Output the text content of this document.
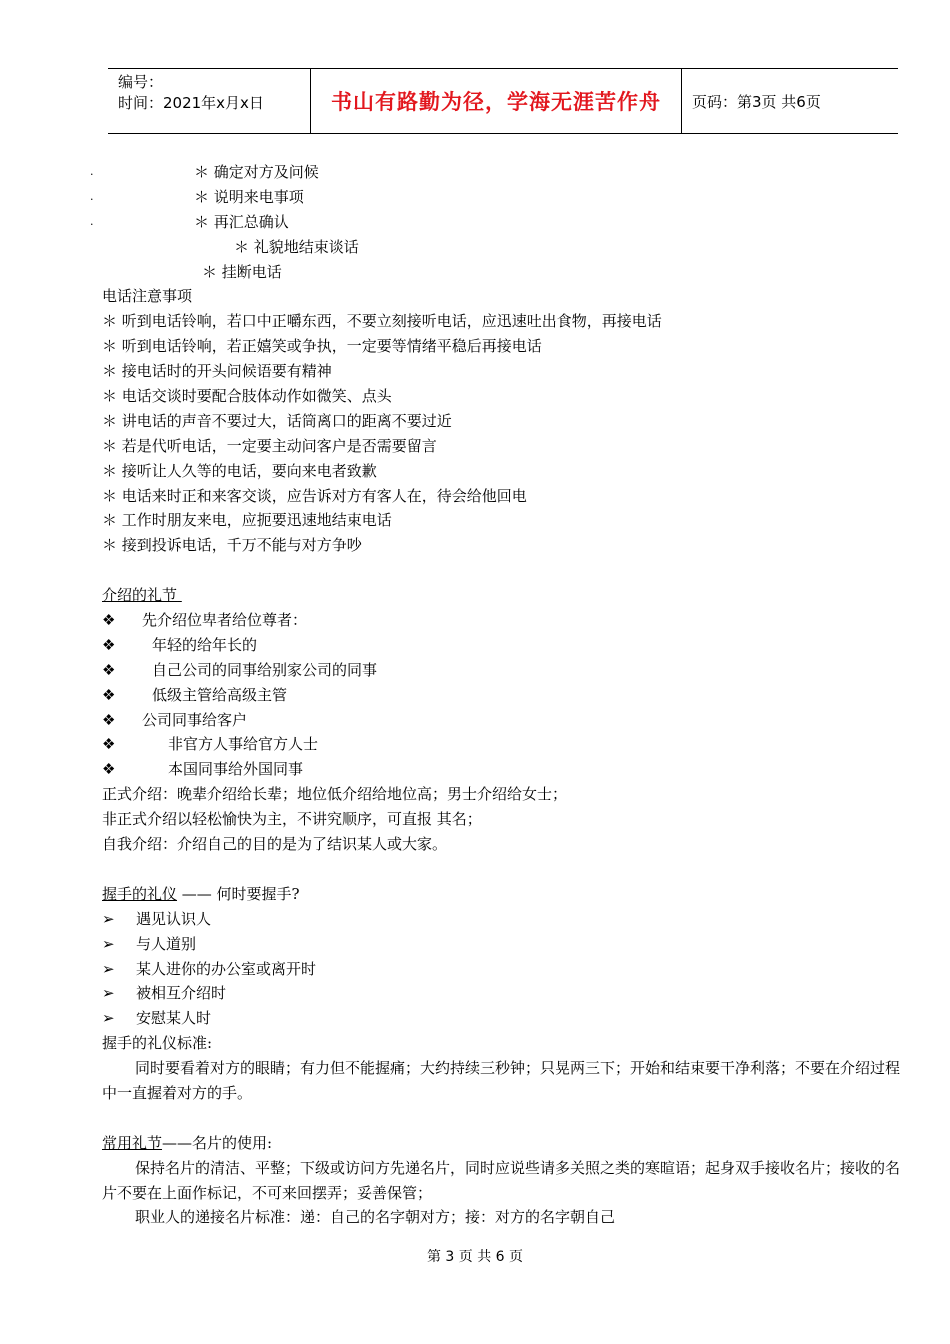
编号：
时间：2021年x月x日	书山有路勤为径，学海无涯苦作舟 页码：第3页 共6页
.	＊ 确定对方及问候
.	＊ 说明来电事项
.	＊ 再汇总确认
＊ 礼貌地结束谈话
＊ 挂断电话
电话注意事项
＊ 听到电话铃响，若口中正嚼东西，不要立刻接听电话，应迅速吐出食物，再接电话
＊ 听到电话铃响，若正嬉笑或争执，一定要等情绪平稳后再接电话
＊ 接电话时的开头问候语要有精神
＊ 电话交谈时要配合肢体动作如微笑、点头
＊ 讲电话的声音不要过大，话筒离口的距离不要过近
＊ 若是代听电话，一定要主动问客户是否需要留言
＊ 接听让人久等的电话，要向来电者致歉
＊ 电话来时正和来客交谈，应告诉对方有客人在，待会给他回电
＊ 工作时朋友来电，应扼要迅速地结束电话
＊ 接到投诉电话，千万不能与对方争吵
介绍的礼节
❖ 先介绍位卑者给位尊者：
❖ 年轻的给年长的
❖ 自己公司的同事给别家公司的同事
❖ 低级主管给高级主管
❖ 公司同事给客户
❖	非官方人事给官方人士
❖	本国同事给外国同事
正式介绍：晚辈介绍给长辈；地位低介绍给地位高；男士介绍给女士；
非正式介绍以轻松愉快为主，不讲究顺序，可直报 其名；
自我介绍：介绍自己的目的是为了结识某人或大家。
握手的礼仪 —— 何时要握手?
➢ 遇见认识人
➢ 与人道别
➢ 某人进你的办公室或离开时
➢ 被相互介绍时
➢ 安慰某人时
握手的礼仪标准:
同时要看着对方的眼睛；有力但不能握痛；大约持续三秒钟；只晃两三下；开始和结束要干净利落；不要在介绍过程中一直握着对方的手。
常用礼节——名片的使用:
保持名片的清洁、平整；下级或访问方先递名片，同时应说些请多关照之类的寒暄语；起身双手接收名片；接收的名片不要在上面作标记，不可来回摆弄；妥善保管；
职业人的递接名片标准：递：自己的名字朝对方；接：对方的名字朝自己
第 3 页 共 6 页
